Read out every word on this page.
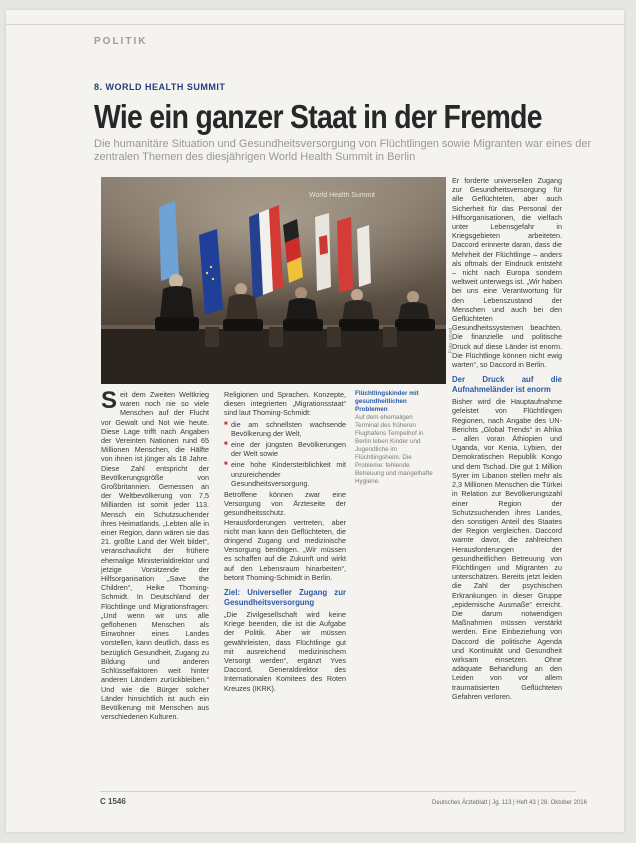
POLITIK
8. WORLD HEALTH SUMMIT
Wie ein ganzer Staat in der Fremde
Die humanitäre Situation und Gesundheitsversorgung von Flüchtlingen sowie Migranten war eines der zentralen Themen des diesjährigen World Health Summit in Berlin
World Health Summit
Foto: privat

Seit dem Zweiten Weltkrieg waren noch nie so viele Menschen auf der Flucht vor Gewalt und Not wie heute. Diese Lage trifft nach Angaben der Vereinten Nationen rund 65 Millionen Menschen, die Hälfte von ihnen ist jünger als 18 Jahre. Diese Zahl entspricht der Bevölkerungsgröße von Großbritannien. Gemessen an der Weltbevölkerung von 7,5 Milliarden ist somit jeder 113. Mensch ein Schutzsuchender ihres Heimatlands. „Lebten alle in einer Region, dann wären sie das 21. größte Land der Welt bildet“, veranschaulicht der frühere ehemalige Ministerialdirektor und jetzige Vorsitzende der Hilfsorganisation „Save the Children“, Heike Thoming-Schmidt. In Deutschland der Flüchtlinge und Migrationsfragen: „Und wenn wir uns alle geflohenen Menschen als Einwohner eines Landes vorstellen, kann deutlich, dass es bezüglich Gesundheit, Zugang zu Bildung und anderen Schlüsselfaktoren weit hinter anderen Ländern zurückbleiben.“ Und wie die Bürger solcher Länder hinsichtlich ist auch ein Bevölkerung mit Menschen aus verschiedenen Kulturen.

Religionen und Sprachen. Konzepte, diesen integrierten „Migrationsstaat“ sind laut Thoming-Schmidt:

■ die am schnellsten wachsende Bevölkerung der Welt,
■ eine der jüngsten Bevölkerungen der Welt sowie
■ eine hohe Kindersterblichkeit mit unzureichender Gesundheitsversorgung.

Betroffene können zwar eine Versorgung von Ärzteseite der gesundheitsschutz. Herausforderungen vertreten, aber nicht man kann den Geflüchteten, die dringend Zugang und medizinische Versorgung benötigen. „Wir müssen es schaffen auf die Zukunft und wirkt auf den Lebensraum hinarbeiten“, betont Thoming-Schmidt in Berlin.

Ziel: Universeller Zugang zur Gesundheitsversorgung

„Die Zivilgesellschaft wird keine Kriege beenden, die ist die Aufgabe der Politik. Aber wir müssen gewährleisten, dass Flüchtlinge gut mit ausreichend medizinischem Versorgt werden“, ergänzt Yves Daccord, Generaldirektor des Internationalen Komitees des Roten Kreuzes (IKRK).

Flüchtlingskinder mit gesundheitlichen Problemen
Auf dem ehemaligen Terminal des früheren Flughafens Tempelhof in Berlin leben Kinder und Jugendliche im Flüchtlingsheim. Die Probleme: fehlende Betreuung und mangelhafte Hygiene.

Er forderte universellen Zugang zur Gesundheitsversorgung für alle Geflüchteten, aber auch Sicherheit für das Personal der Hilfsorganisationen, die vielfach unter Lebensgefahr in Kriegsgebieten arbeiteten. Daccord erinnerte daran, dass die Mehrheit der Flüchtlinge – anders als oftmals der Eindruck entsteht – nicht nach Europa sondern weltweit unterwegs ist. „Wir haben bei uns eine Verantwortung für den Lebenszustand der Menschen und auch bei den Geflüchteten Gesundheitssystemen beachten. Die finanzielle und politische Druck auf diese Länder ist enorm. Die Flüchtlinge können nicht ewig warten“, so Daccord in Berlin.

Der Druck auf die Aufnahmeländer ist enorm

Bisher wird die Hauptaufnahme geleistet von Flüchtlingen Regionen, nach Angabe des UN-Berichts „Global Trends“ in Afrika – allen voran Äthiopien und Uganda, vor Kenia, Lybien, der Demokratischen Republik Kongo und dem Tschad. Die gut 1 Million Syrer im Libanon stellen mehr als 2,3 Millionen Menschen die Türkei in Relation zur Bevölkerungszahl einer Region der Schutzsuchenden ihres Landes, den sonstigen Anteil des Staates der Region vergleichen. Daccord warnte davor, die zahlreichen Herausforderungen der gesundheitlichen Betreuung von Flüchtlingen und Migranten zu unterschätzen. Bereits jetzt leiden die Zahl der psychischen Erkrankungen in dieser Gruppe „epidemische Ausmaße“ erreicht. Die darum notwendigen Maßnahmen müssen verstärkt werden. Eine Einbeziehung von Daccord die politische Agenda und Kontinuität und Gesundheit wirksam einsetzen. Ohne adäquate Behandlung an den Leiden von vor allem traumatisierten Geflüchteten Gefahren verloren.

C 1546	Deutsches Ärzteblatt | Jg. 113 | Heft 43 | 28. Oktober 2016
